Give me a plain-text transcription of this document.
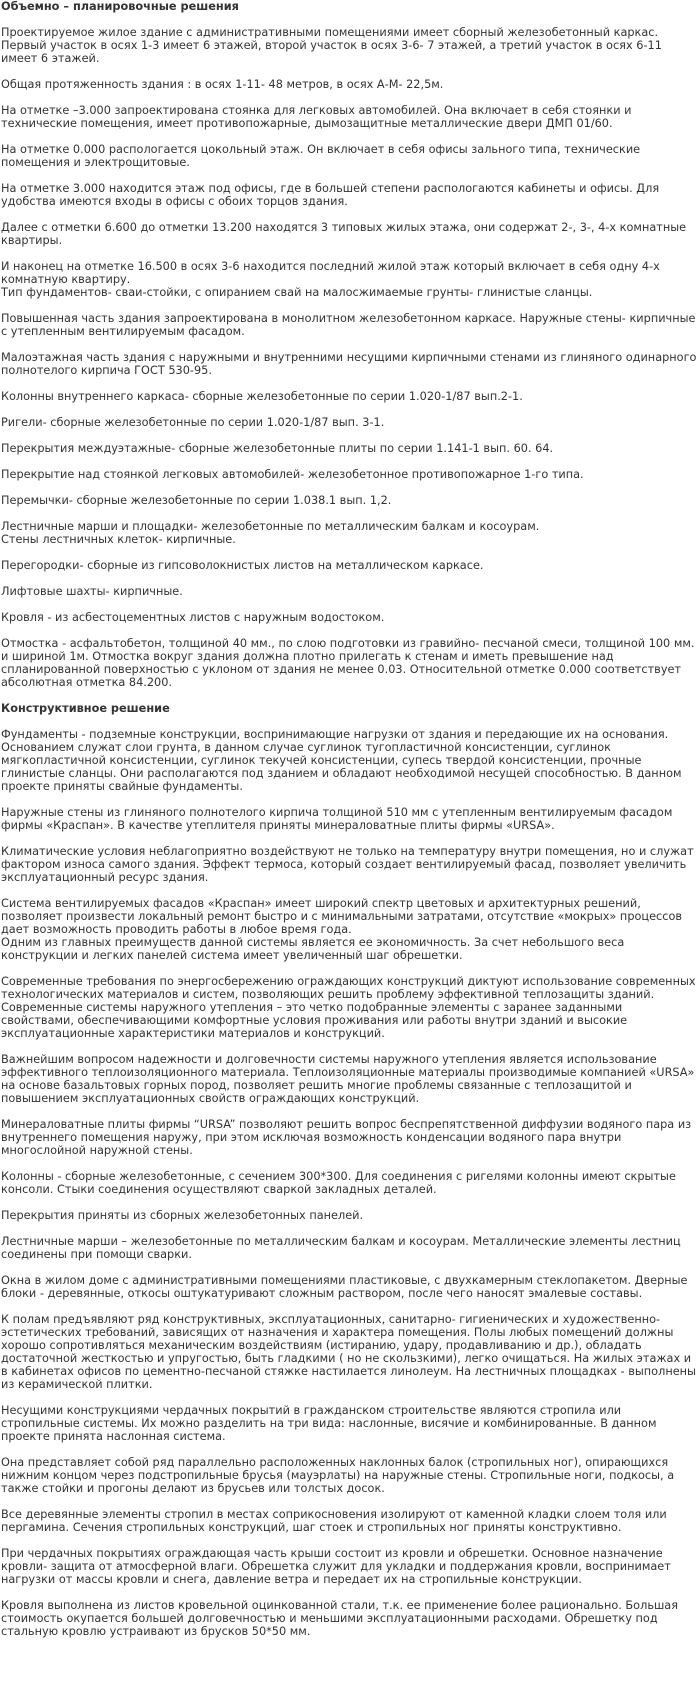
Объемно – планировочные решения
Проектируемое жилое здание с административными помещениями имеет сборный железобетонный каркас. Первый участок в осях 1-3 имеет 6 этажей, второй участок в осях 3-6- 7 этажей, а третий участок в осях 6-11 имеет 6 этажей.
Общая протяженность здания : в осях 1-11- 48 метров, в осях А-М- 22,5м.
На отметке –3.000 запроектирована стоянка для легковых автомобилей. Она включает в себя стоянки и технические помещения, имеет противопожарные, дымозащитные металлические двери ДМП 01/60.
На отметке 0.000 распологается цокольный этаж. Он включает в себя офисы зального типа, технические помещения и электрощитовые.
На отметке 3.000 находится этаж под офисы, где в большей степени распологаются кабинеты и офисы. Для удобства имеются входы в офисы с обоих торцов здания.
Далее с отметки 6.600 до отметки 13.200 находятся 3 типовых жилых этажа, они содержат 2-, 3-, 4-х комнатные квартиры.
И наконец на отметке 16.500 в осях 3-6 находится последний жилой этаж который включает в себя одну 4-х комнатную квартиру.
Тип фундаментов- сваи-стойки, с опиранием свай на малосжимаемые грунты- глинистые сланцы.
Повышенная часть здания запроектирована в монолитном железобетонном каркасе. Наружные стены- кирпичные с утепленным вентилируемым фасадом.
Малоэтажная часть здания с наружными и внутренними несущими кирпичными стенами из глиняного одинарного полнотелого кирпича ГОСТ 530-95.
Колонны внутреннего каркаса- сборные железобетонные по серии 1.020-1/87 вып.2-1.
Ригели- сборные железобетонные по серии 1.020-1/87 вып. 3-1.
Перекрытия междуэтажные- сборные железобетонные плиты по серии 1.141-1 вып. 60. 64.
Перекрытие над стоянкой легковых автомобилей- железобетонное противопожарное 1-го типа.
Перемычки- сборные железобетонные по серии 1.038.1 вып. 1,2.
Лестничные марши и площадки- железобетонные по металлическим балкам и косоурам.
Стены лестничных клеток- кирпичные.
Перегородки- сборные из гипсоволокнистых листов на металлическом каркасе.
Лифтовые шахты- кирпичные.
Кровля - из асбестоцементных листов с наружным водостоком.
Отмостка - асфальтобетон, толщиной 40 мм., по слою подготовки из гравийно- песчаной смеси, толщиной 100 мм. и шириной 1м. Отмостка вокруг здания должна плотно прилегать к стенам и иметь превышение над спланированной поверхностью с уклоном от здания не менее 0.03. Относительной отметке 0.000 соответствует абсолютная отметка 84.200.
Конструктивное решение
Фундаменты - подземные конструкции, воспринимающие нагрузки от здания и передающие их на основания. Основанием служат слои грунта, в данном случае суглинок тугопластичной консистенции, суглинок мягкопластичной консистенции, суглинок текучей консистенции, супесь твердой консистенции, прочные глинистые сланцы. Они располагаются под зданием и обладают необходимой несущей способностью. В данном проекте приняты свайные фундаменты.
Наружные стены из глиняного полнотелого кирпича толщиной 510 мм с утепленным вентилируемым фасадом фирмы «Краспан». В качестве утеплителя приняты минераловатные плиты фирмы «URSA».
Климатические условия неблагоприятно воздействуют не только на температуру внутри помещения, но и служат фактором износа самого здания. Эффект термоса, который создает вентилируемый фасад, позволяет увеличить эксплуатационный ресурс здания.
Система вентилируемых фасадов «Краспан» имеет широкий спектр цветовых и архитектурных решений, позволяет произвести локальный ремонт быстро и с минимальными затратами, отсутствие «мокрых» процессов дает возможность проводить работы в любое время года.
Одним из главных преимуществ данной системы является ее экономичность. За счет небольшого веса конструкции и легких панелей система имеет увеличенный шаг обрешетки.
Современные требования по энергосбережению ограждающих конструкций диктуют использование современных технологических материалов и систем, позволяющих решить проблему эффективной теплозащиты зданий. Современные системы наружного утепления – это четко подобранные элементы с заранее заданными свойствами, обеспечивающими комфортные условия проживания или работы внутри зданий и высокие эксплуатационные характеристики материалов и конструкций.
Важнейшим вопросом надежности и долговечности системы наружного утепления является использование эффективного теплоизоляционного материала. Теплоизоляционные материалы производимые компанией «URSA» на основе базальтовых горных пород, позволяет решить многие проблемы связанные с теплозащитой и повышением эксплуатационных свойств ограждающих конструкций.
Минераловатные плиты фирмы “URSA” позволяют решить вопрос беспрепятственной диффузии водяного пара из внутреннего помещения наружу, при этом исключая возможность конденсации водяного пара внутри многослойной наружной стены.
Колонны - сборные железобетонные, с сечением 300*300. Для соединения с ригелями колонны имеют скрытые консоли. Стыки соединения осуществляют сваркой закладных деталей.
Перекрытия приняты из сборных железобетонных панелей.
Лестничные марши – железобетонные по металлическим балкам и косоурам. Металлические элементы лестниц соединены при помощи сварки.
Окна в жилом доме с административными помещениями пластиковые, с двухкамерным стеклопакетом. Дверные блоки - деревянные, откосы оштукатуривают сложным раствором, после чего наносят эмалевые составы.
К полам предъявляют ряд конструктивных, эксплуатационных, санитарно- гигиенических и художественно-эстетических требований, зависящих от назначения и характера помещения. Полы любых помещений должны хорошо сопротивляться механическим воздействиям (истиранию, удару, продавливанию и др.), обладать достаточной жесткостью и упругостью, быть гладкими ( но не скользкими), легко очищаться. На жилых этажах и в кабинетах офисов по цементно-песчаной стяжке настилается линолеум. На лестничных площадках - выполнены из керамической плитки.
Несущими конструкциями чердачных покрытий в гражданском строительстве являются стропила или стропильные системы. Их можно разделить на три вида: наслонные, висячие и комбинированные. В данном проекте принята наслонная система.
Она представляет собой ряд параллельно расположенных наклонных балок (стропильных ног), опирающихся нижним концом через подстропильные брусья (мауэрлаты) на наружные стены. Стропильные ноги, подкосы, а также стойки и прогоны делают из брусьев или толстых досок.
Все деревянные элементы стропил в местах соприкосновения изолируют от каменной кладки слоем толя или пергамина. Сечения стропильных конструкций, шаг стоек и стропильных ног приняты конструктивно.
При чердачных покрытиях ограждающая часть крыши состоит из кровли и обрешетки. Основное назначение кровли- защита от атмосферной влаги. Обрешетка служит для укладки и поддержания кровли, воспринимает нагрузки от массы кровли и снега, давление ветра и передает их на стропильные конструкции.
Кровля выполнена из листов кровельной оцинкованной стали, т.к. ее применение более рационально. Большая стоимость окупается большей долговечностью и меньшими эксплуатационными расходами. Обрешетку под стальную кровлю устраивают из брусков 50*50 мм.
